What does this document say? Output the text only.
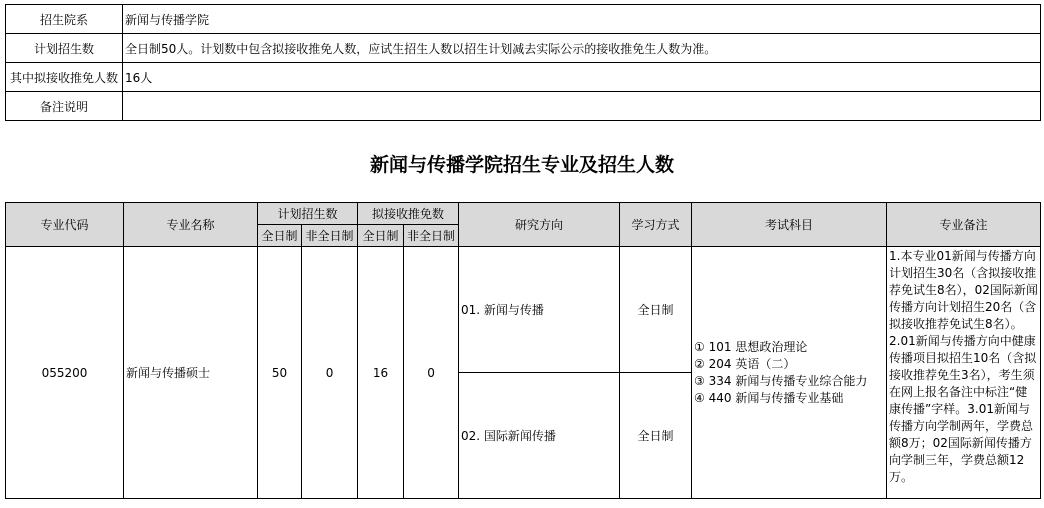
招生院系	新闻与传播学院
计划招生数	全日制50人。计划数中包含拟接收推免人数，应试生招生人数以招生计划减去实际公示的接收推免生人数为准。
其中拟接收推免人数	16人
备注说明	
新闻与传播学院招生专业及招生人数
专业代码	专业名称	计划招生数		拟接收推免数		研究方向	学习方式	考试科目	专业备注
		全日制	非全日制	全日制	非全日制				
055200	新闻与传播硕士	50	0	16	0	01. 新闻与传播	全日制	① 101 思想政治理论
② 204 英语（二）
③ 334 新闻与传播专业综合能力
④ 440 新闻与传播专业基础	1.本专业01新闻与传播方向计划招生30名（含拟接收推荐免试生8名），02国际新闻传播方向计划招生20名（含拟接收推荐免试生8名）。2.01新闻与传播方向中健康传播项目拟招生10名（含拟接收推荐免生3名），考生须在网上报名备注中标注“健康传播”字样。3.01新闻与传播方向学制两年，学费总额8万；02国际新闻传播方向学制三年，学费总额12万。
						02. 国际新闻传播	全日制		
